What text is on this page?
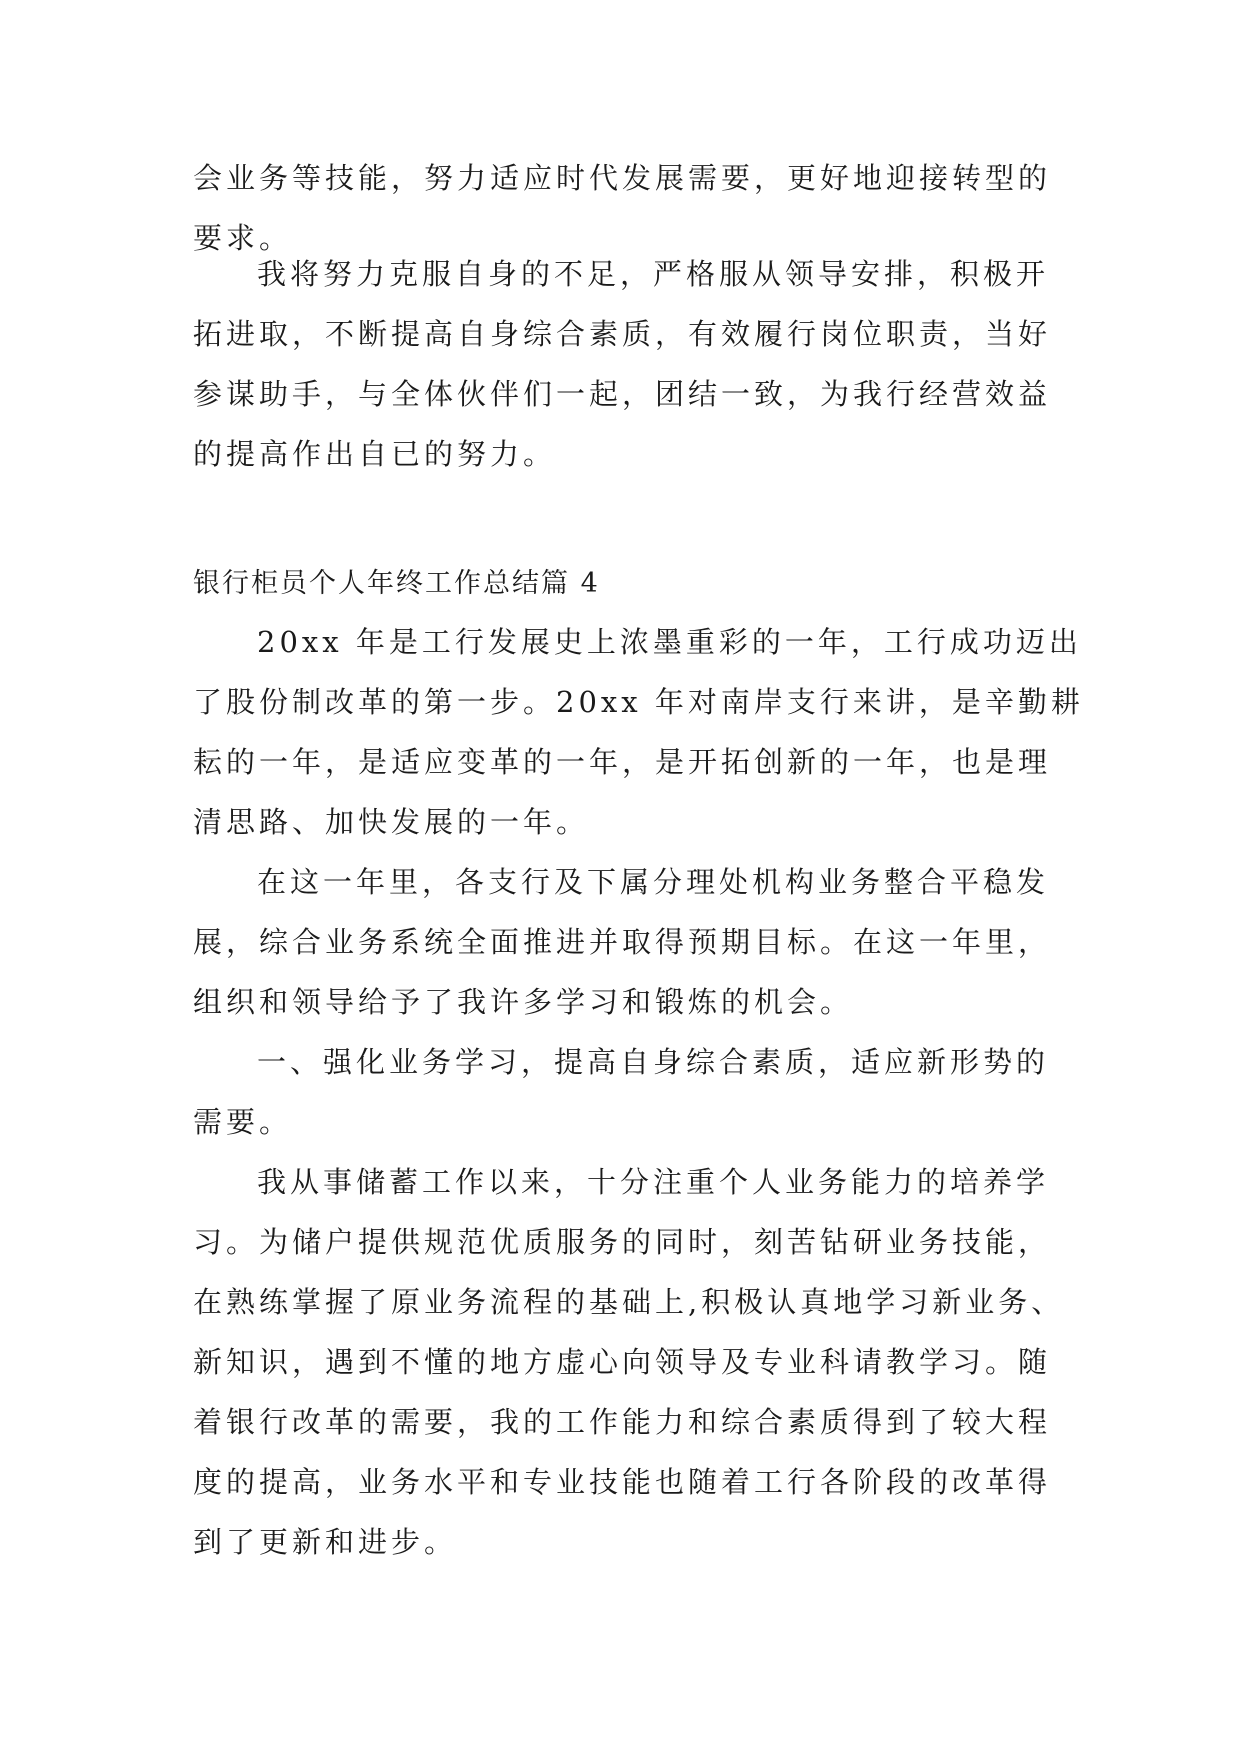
会业务等技能，努力适应时代发展需要，更好地迎接转型的
要求。
我将努力克服自身的不足，严格服从领导安排，积极开
拓进取，不断提高自身综合素质，有效履行岗位职责，当好
参谋助手，与全体伙伴们一起，团结一致，为我行经营效益
的提高作出自已的努力。
银行柜员个人年终工作总结篇 4
20xx 年是工行发展史上浓墨重彩的一年，工行成功迈出
了股份制改革的第一步。20xx 年对南岸支行来讲，是辛勤耕
耘的一年，是适应变革的一年，是开拓创新的一年，也是理
清思路、加快发展的一年。
在这一年里，各支行及下属分理处机构业务整合平稳发
展，综合业务系统全面推进并取得预期目标。在这一年里，
组织和领导给予了我许多学习和锻炼的机会。
一、强化业务学习，提高自身综合素质，适应新形势的
需要。
我从事储蓄工作以来，十分注重个人业务能力的培养学
习。为储户提供规范优质服务的同时，刻苦钻研业务技能，
在熟练掌握了原业务流程的基础上,积极认真地学习新业务、
新知识，遇到不懂的地方虚心向领导及专业科请教学习。随
着银行改革的需要，我的工作能力和综合素质得到了较大程
度的提高，业务水平和专业技能也随着工行各阶段的改革得
到了更新和进步。
